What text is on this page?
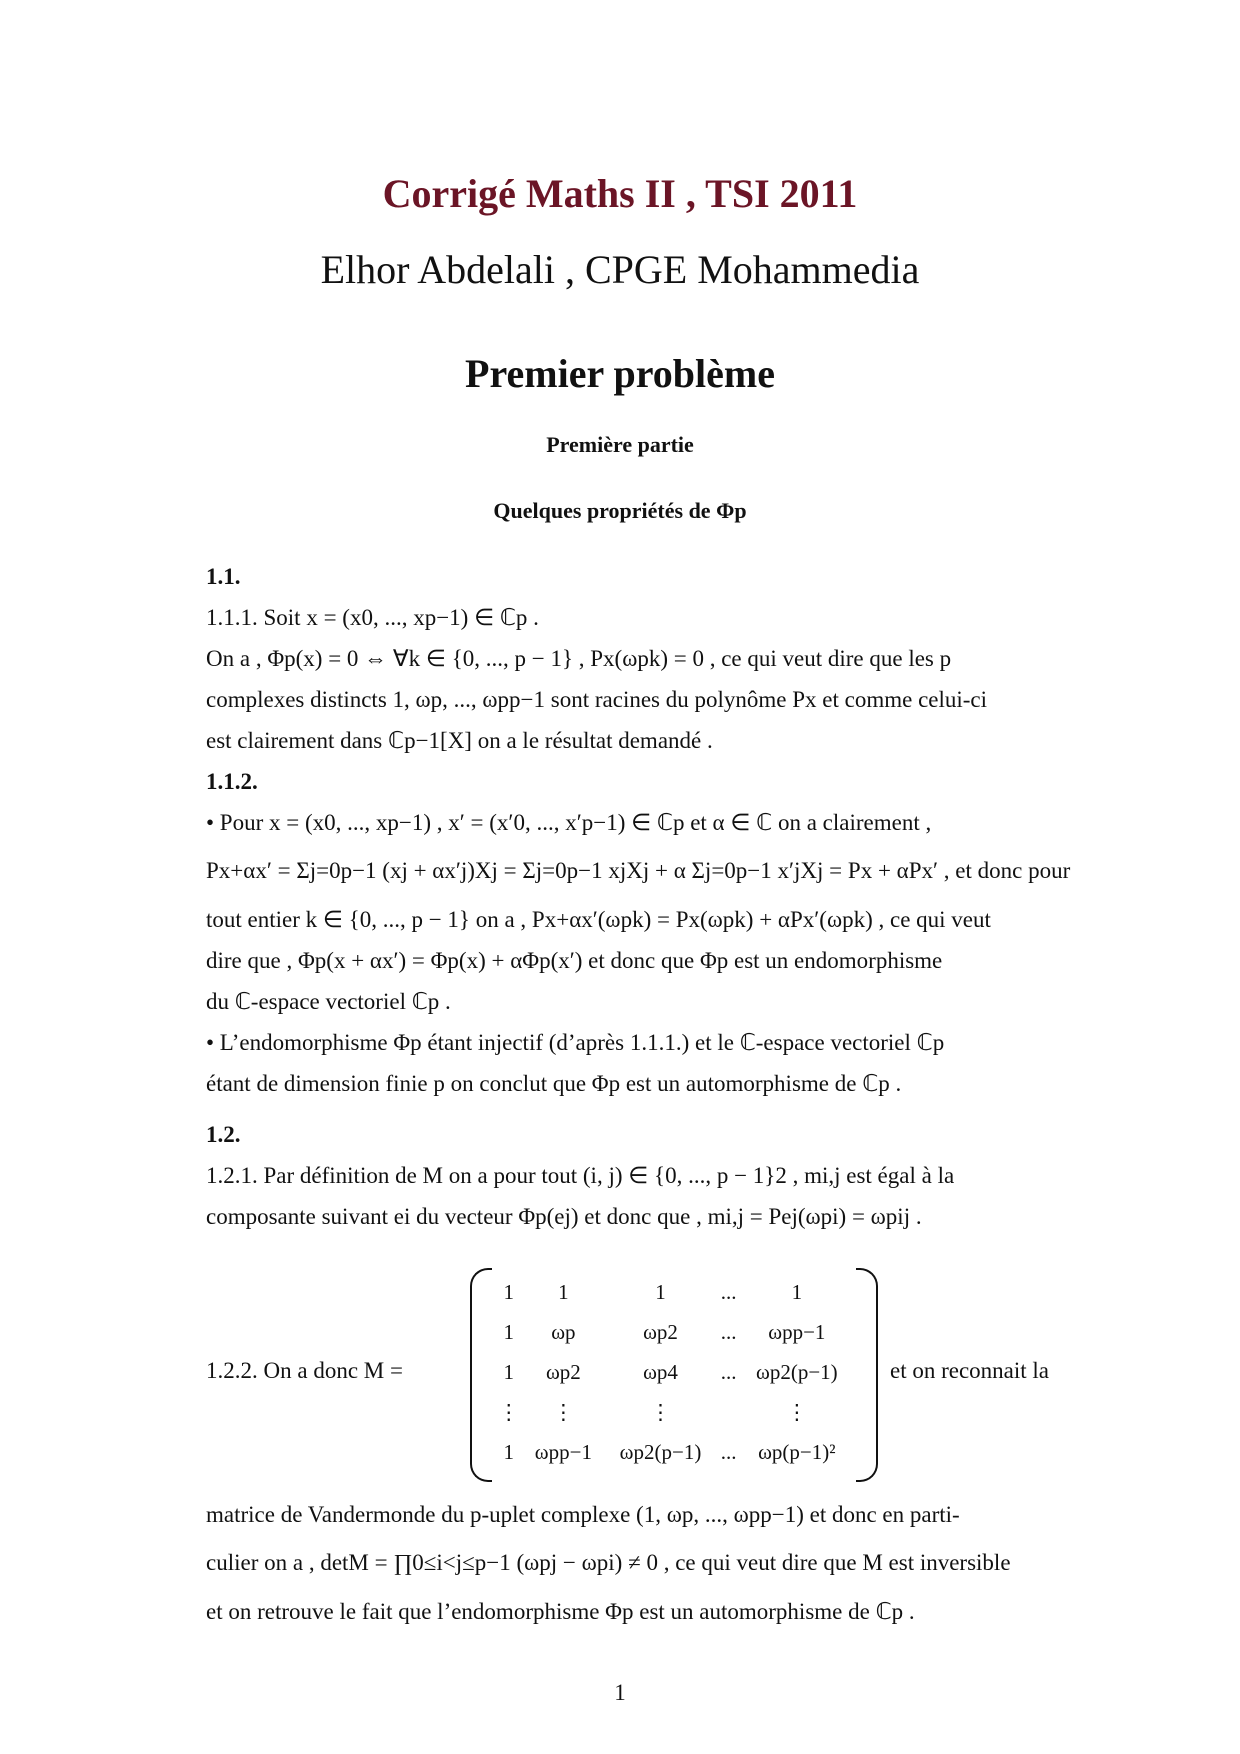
Corrigé Maths II , TSI 2011
Elhor Abdelali , CPGE Mohammedia
Premier problème
Première partie
Quelques propriétés de Φp
1.1.
1.1.1. Soit x = (x0, ..., xp−1) ∈ ℂp .
On a , Φp(x) = 0 ⇔ ∀k ∈ {0, ..., p − 1} , Px(ωpk) = 0 , ce qui veut dire que les p
complexes distincts 1, ωp, ..., ωpp−1 sont racines du polynôme Px et comme celui-ci
est clairement dans ℂp−1[X] on a le résultat demandé .
1.1.2.
• Pour x = (x0, ..., xp−1) , x′ = (x′0, ..., x′p−1) ∈ ℂp et α ∈ ℂ on a clairement ,
Px+αx′ = Σj=0p−1 (xj + αx′j)Xj = Σj=0p−1 xjXj + α Σj=0p−1 x′jXj = Px + αPx′ , et donc pour
tout entier k ∈ {0, ..., p − 1} on a , Px+αx′(ωpk) = Px(ωpk) + αPx′(ωpk) , ce qui veut
dire que , Φp(x + αx′) = Φp(x) + αΦp(x′) et donc que Φp est un endomorphisme
du ℂ-espace vectoriel ℂp .
• L’endomorphisme Φp étant injectif (d’après 1.1.1.) et le ℂ-espace vectoriel ℂp
étant de dimension finie p on conclut que Φp est un automorphisme de ℂp .
1.2.
1.2.1. Par définition de M on a pour tout (i, j) ∈ {0, ..., p − 1}2 , mi,j est égal à la
composante suivant ei du vecteur Φp(ej) et donc que , mi,j = Pej(ωpi) = ωpij .
1.2.2. On a donc M =
1	1	1	...	1
1	ωp	ωp2	...	ωpp−1
1	ωp2	ωp4	...	ωp2(p−1)
⋮	⋮	⋮		⋮
1	ωpp−1	ωp2(p−1)	...	ωp(p−1)²
et on reconnait la
matrice de Vandermonde du p-uplet complexe (1, ωp, ..., ωpp−1) et donc en parti-
culier on a , detM = ∏0≤i<j≤p−1 (ωpj − ωpi) ≠ 0 , ce qui veut dire que M est inversible
et on retrouve le fait que l’endomorphisme Φp est un automorphisme de ℂp .
1
